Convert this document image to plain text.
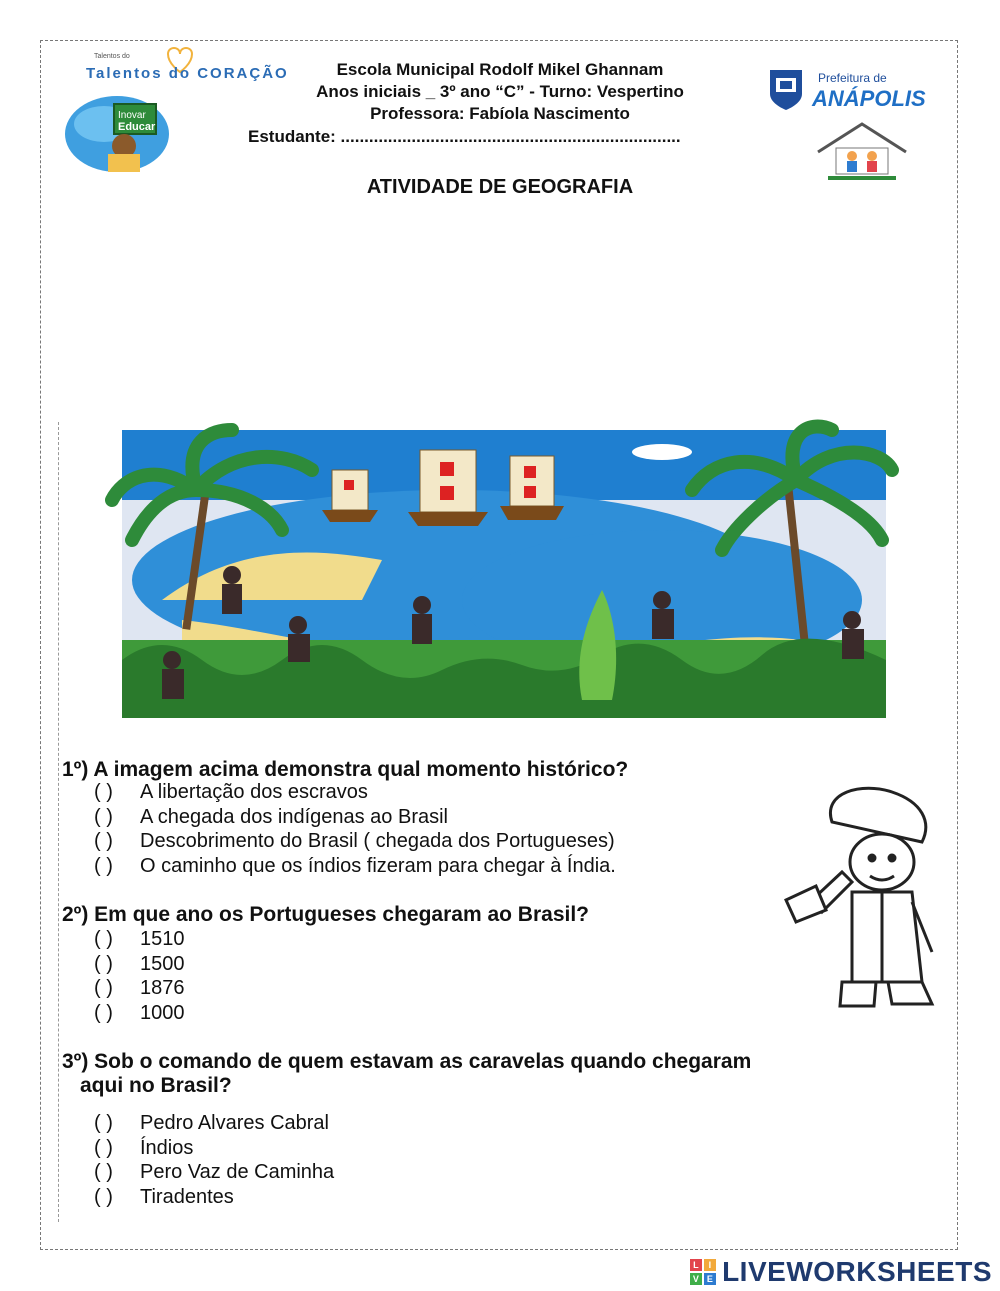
Talentos do
Talentos do CORAÇÃO
Inovar
Educar
Prefeitura de
ANÁPOLIS
Escola Municipal Rodolf Mikel Ghannam
Anos iniciais _ 3º ano “C” - Turno: Vespertino
Professora: Fabíola Nascimento
Estudante: ........................................................................
ATIVIDADE DE GEOGRAFIA
1º) A imagem acima demonstra qual momento histórico?
( ) A libertação dos escravos
( ) A chegada dos indígenas ao Brasil
( ) Descobrimento do Brasil ( chegada dos Portugueses)
( ) O caminho que os índios fizeram para chegar à Índia.
2º) Em que ano os Portugueses chegaram ao Brasil?
( ) 1510
( ) 1500
( ) 1876
( ) 1000
3º) Sob o comando de quem estavam as caravelas quando chegaram
aqui no Brasil?
( ) Pedro Alvares Cabral
( ) Índios
( ) Pero Vaz de Caminha
( ) Tiradentes
L	I
V E LIVEWORKSHEETS
